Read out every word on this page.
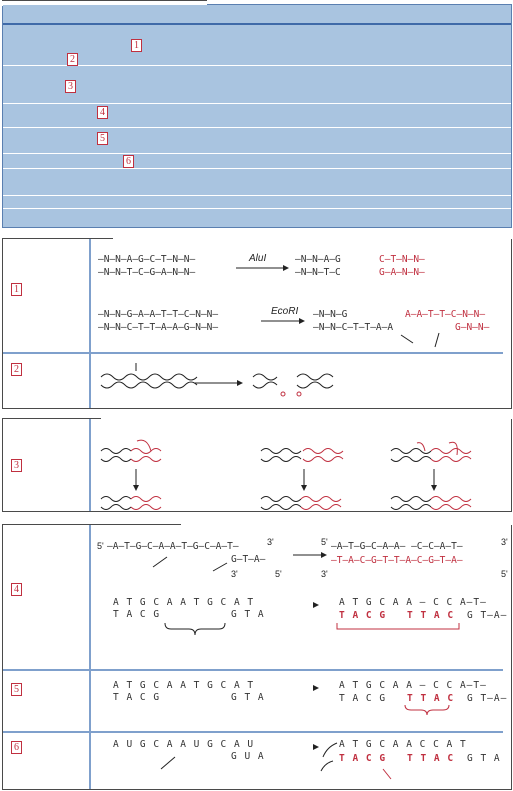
1
2
3
4
5
6
1
2
–N–N–A–G–C–T–N–N–
–N–N–T–C–G–A–N–N–
AluI	–N–N–A–G
–N–N–T–C
C–T–N–N–
G–A–N–N–
–N–N–G–A–A–T–T–C–N–N–
–N–N–C–T–T–A–A–G–N–N–
EcoRI –N–N–G
–N–N–C–T–T–A–A
A–A–T–T–C–N–N–
G–N–N–
3
4
5
6
5' –A–T–G–C–A–A–T–G–C–A–T–	3'
G–T–A–
3'	5'
5' –A–T–G–C–A–A– –C–C–A–T–	3'
3'
–T–A–C–G–T–T–A–C–G–T–A–
5'
A T G C A A T G C A T
T A C G	G T A
A T G C A A – C C A–T–
T A C G T T A C G T–A–
A T G C A A T G C A T
T A C G	G T A
A T G C A A – C C A–T–
T A C G T T A C G T–A–
A U G C A A U G C A U
G U A
A T G C A A C C A T
T A C G T T A C G T A
